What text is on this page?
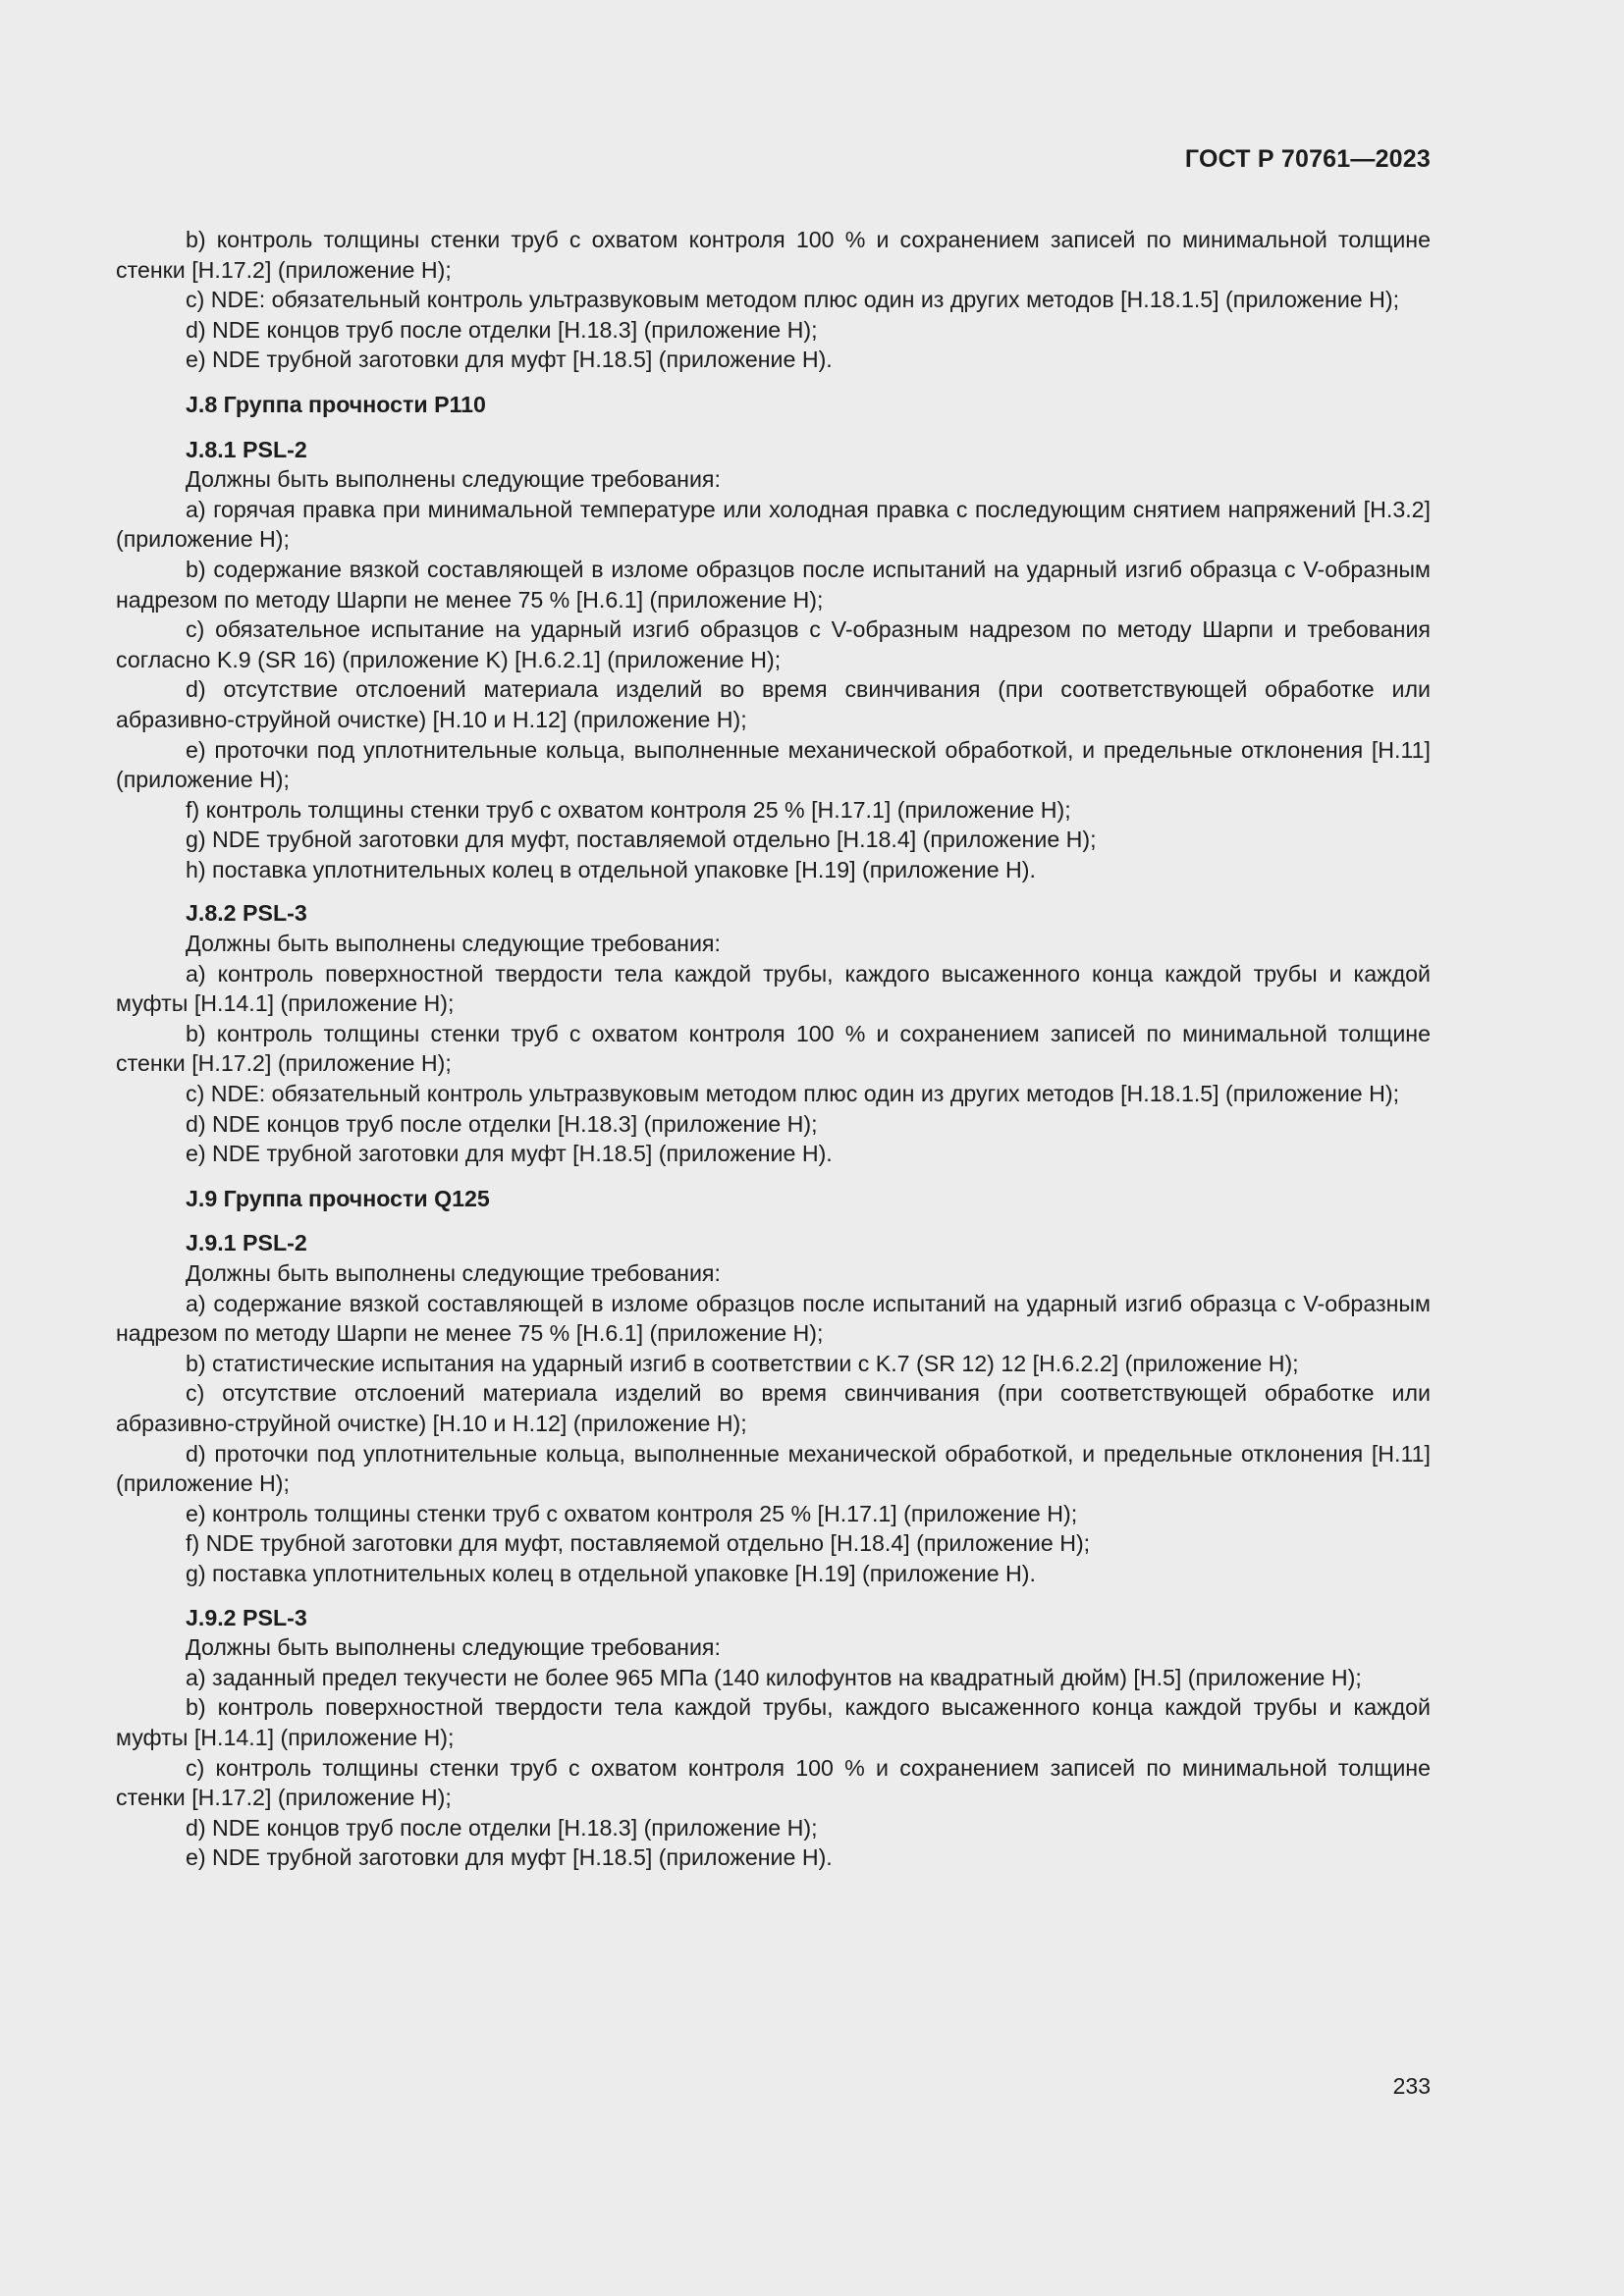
ГОСТ Р 70761—2023

b) контроль толщины стенки труб с охватом контроля 100 % и сохранением записей по минимальной толщине стенки [H.17.2] (приложение H);

c) NDE: обязательный контроль ультразвуковым методом плюс один из других методов [H.18.1.5] (приложение H);

d) NDE концов труб после отделки [H.18.3] (приложение H);

e) NDE трубной заготовки для муфт [H.18.5] (приложение H).

J.8 Группа прочности P110

J.8.1 PSL-2

Должны быть выполнены следующие требования:

a) горячая правка при минимальной температуре или холодная правка с последующим снятием напряжений [H.3.2] (приложение H);

b) содержание вязкой составляющей в изломе образцов после испытаний на ударный изгиб образца с V-образным надрезом по методу Шарпи не менее 75 % [H.6.1] (приложение H);

c) обязательное испытание на ударный изгиб образцов с V-образным надрезом по методу Шарпи и требования согласно K.9 (SR 16) (приложение K) [H.6.2.1] (приложение H);

d) отсутствие отслоений материала изделий во время свинчивания (при соответствующей обработке или абразивно-струйной очистке) [H.10 и H.12] (приложение H);

e) проточки под уплотнительные кольца, выполненные механической обработкой, и предельные отклонения [H.11] (приложение H);

f) контроль толщины стенки труб с охватом контроля 25 % [H.17.1] (приложение H);

g) NDE трубной заготовки для муфт, поставляемой отдельно [H.18.4] (приложение H);

h) поставка уплотнительных колец в отдельной упаковке [H.19] (приложение H).

J.8.2 PSL-3

Должны быть выполнены следующие требования:

a) контроль поверхностной твердости тела каждой трубы, каждого высаженного конца каждой трубы и каждой муфты [H.14.1] (приложение H);

b) контроль толщины стенки труб с охватом контроля 100 % и сохранением записей по минимальной толщине стенки [H.17.2] (приложение H);

c) NDE: обязательный контроль ультразвуковым методом плюс один из других методов [H.18.1.5] (приложение H);

d) NDE концов труб после отделки [H.18.3] (приложение H);

e) NDE трубной заготовки для муфт [H.18.5] (приложение H).

J.9 Группа прочности Q125

J.9.1 PSL-2

Должны быть выполнены следующие требования:

a) содержание вязкой составляющей в изломе образцов после испытаний на ударный изгиб образца с V-образным надрезом по методу Шарпи не менее 75 % [H.6.1] (приложение H);

b) статистические испытания на ударный изгиб в соответствии с K.7 (SR 12) 12 [H.6.2.2] (приложение H);

c) отсутствие отслоений материала изделий во время свинчивания (при соответствующей обработке или абразивно-струйной очистке) [H.10 и H.12] (приложение H);

d) проточки под уплотнительные кольца, выполненные механической обработкой, и предельные отклонения [H.11] (приложение H);

e) контроль толщины стенки труб с охватом контроля 25 % [H.17.1] (приложение H);

f) NDE трубной заготовки для муфт, поставляемой отдельно [H.18.4] (приложение H);

g) поставка уплотнительных колец в отдельной упаковке [H.19] (приложение H).

J.9.2 PSL-3

Должны быть выполнены следующие требования:

a) заданный предел текучести не более 965 МПа (140 килофунтов на квадратный дюйм) [H.5] (приложение H);

b) контроль поверхностной твердости тела каждой трубы, каждого высаженного конца каждой трубы и каждой муфты [H.14.1] (приложение H);

c) контроль толщины стенки труб с охватом контроля 100 % и сохранением записей по минимальной толщине стенки [H.17.2] (приложение H);

d) NDE концов труб после отделки [H.18.3] (приложение H);

e) NDE трубной заготовки для муфт [H.18.5] (приложение H).

233
